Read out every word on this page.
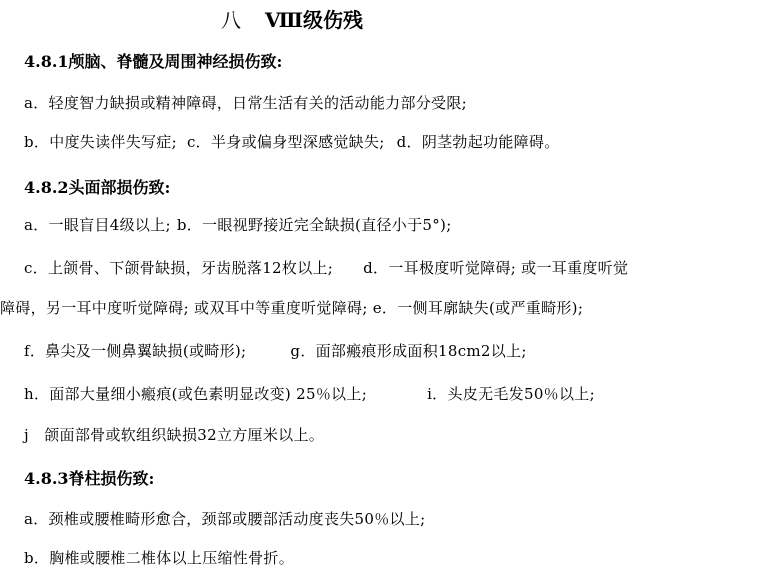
八 Ⅷ级伤残
4.8.1颅脑、脊髓及周围神经损伤致:
a．轻度智力缺损或精神障碍，日常生活有关的活动能力部分受限;
b．中度失读伴失写症; c．半身或偏身型深感觉缺失; d．阴茎勃起功能障碍。
4.8.2头面部损伤致:
a．一眼盲目4级以上; b．一眼视野接近完全缺损(直径小于5°);
c．上颌骨、下颌骨缺损，牙齿脱落12枚以上; d．一耳极度听觉障碍; 或一耳重度听觉
障碍，另一耳中度听觉障碍; 或双耳中等重度听觉障碍; e．一侧耳廓缺失(或严重畸形);
f．鼻尖及一侧鼻翼缺损(或畸形);	g．面部瘢痕形成面积18cm2以上;
h．面部大量细小瘢痕(或色素明显改变) 25％以上;	i．头皮无毛发50％以上;
j　颌面部骨或软组织缺损32立方厘米以上。
4.8.3脊柱损伤致:
a．颈椎或腰椎畸形愈合，颈部或腰部活动度丧失50％以上;
b．胸椎或腰椎二椎体以上压缩性骨折。
